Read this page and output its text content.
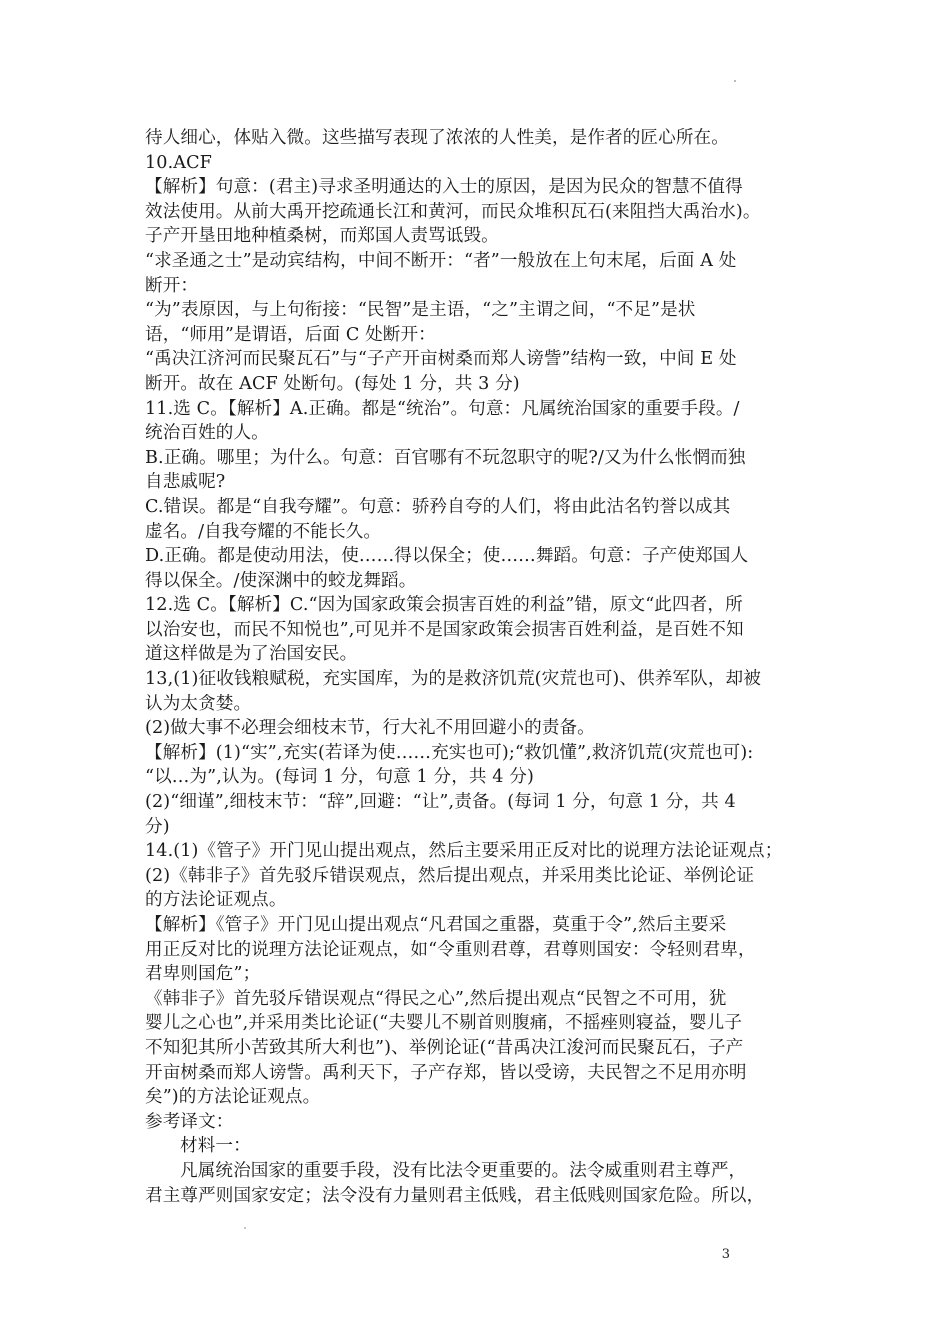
待人细心，体贴入微。这些描写表现了浓浓的人性美，是作者的匠心所在。
10.ACF
【解析】句意：(君主)寻求圣明通达的入士的原因，是因为民众的智慧不值得
效法使用。从前大禹开挖疏通长江和黄河，而民众堆积瓦石(来阻挡大禹治水)。
子产开垦田地种植桑树，而郑国人责骂诋毁。
“求圣通之士”是动宾结构，中间不断开：“者”一般放在上句末尾，后面 A 处
断开：
“为”表原因，与上句衔接：“民智”是主语，“之”主谓之间，“不足”是状
语，“师用”是谓语，后面 C 处断开：
“禹决江济河而民聚瓦石”与“子产开亩树桑而郑人谤訾”结构一致，中间 E 处
断开。故在 ACF 处断句。(每处 1 分，共 3 分)
11.选 C。【解析】A.正确。都是“统治”。句意：凡属统治国家的重要手段。/
统治百姓的人。
B.正确。哪里；为什么。句意：百官哪有不玩忽职守的呢?/又为什么怅惘而独
自悲戚呢?
C.错误。都是“自我夸耀”。句意：骄矜自夸的人们，将由此沽名钓誉以成其
虚名。/自我夸耀的不能长久。
D.正确。都是使动用法，使……得以保全；使……舞蹈。句意：子产使郑国人
得以保全。/使深渊中的蛟龙舞蹈。
12.选 C。【解析】C.“因为国家政策会损害百姓的利益”错，原文“此四者，所
以治安也，而民不知悦也”,可见并不是国家政策会损害百姓利益，是百姓不知
道这样做是为了治国安民。
13,(1)征收钱粮赋税，充实国库，为的是救济饥荒(灾荒也可)、供养军队，却被
认为太贪婪。
(2)做大事不必理会细枝末节，行大礼不用回避小的责备。
【解析】(1)“实”,充实(若译为使……充实也可);“救饥懂”,救济饥荒(灾荒也可):
“以…为”,认为。(每词 1 分，句意 1 分，共 4 分)
(2)“细谨”,细枝末节：“辞”,回避：“让”,责备。(每词 1 分，句意 1 分，共 4
分)
14.(1)《管子》开门见山提出观点，然后主要采用正反对比的说理方法论证观点；
(2)《韩非子》首先驳斥错误观点，然后提出观点，并采用类比论证、举例论证
的方法论证观点。
【解析】《管子》开门见山提出观点“凡君国之重器，莫重于令”,然后主要采
用正反对比的说理方法论证观点，如“令重则君尊，君尊则国安：令轻则君卑，
君卑则国危”；
《韩非子》首先驳斥错误观点“得民之心”,然后提出观点“民智之不可用，犹
婴儿之心也”,并采用类比论证(“夫婴儿不剔首则腹痛，不摇痤则寝益，婴儿子
不知犯其所小苦致其所大利也”)、举例论证(“昔禹决江浚河而民聚瓦石，子产
开亩树桑而郑人谤訾。禹利天下，子产存郑，皆以受谤，夫民智之不足用亦明
矣”)的方法论证观点。
参考译文：
材料一：
凡属统治国家的重要手段，没有比法令更重要的。法令威重则君主尊严，
君主尊严则国家安定；法令没有力量则君主低贱，君主低贱则国家危险。所以，
3
